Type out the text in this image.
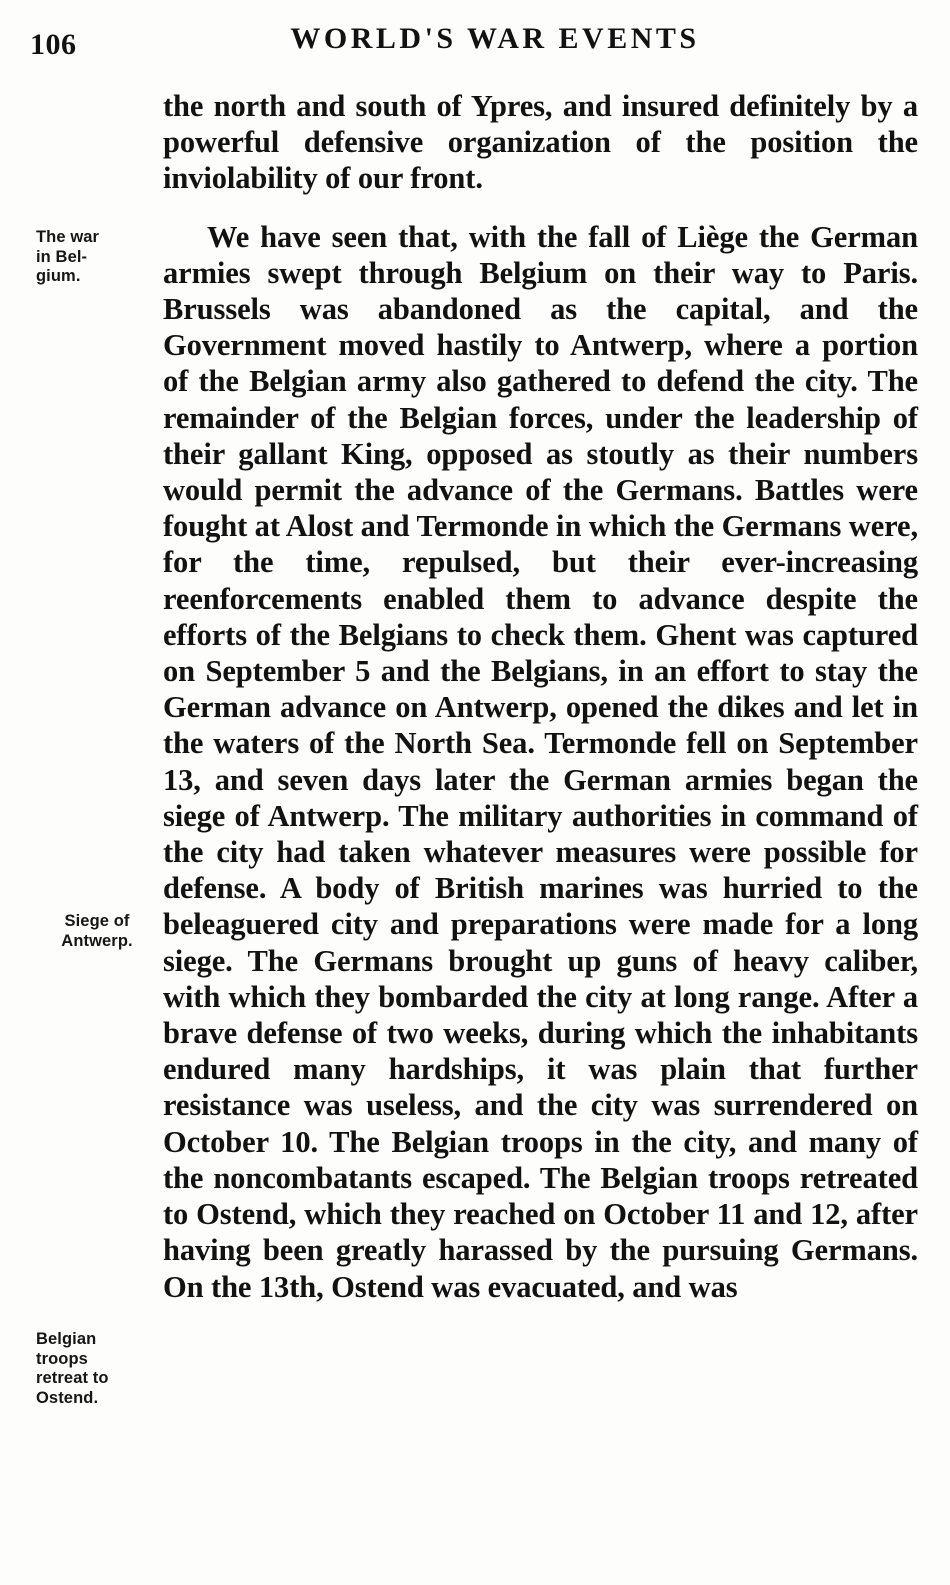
106	WORLD'S WAR EVENTS
The war
in Bel-
gium.
Siege of
Antwerp.
Belgian
troops
retreat to
Ostend.

the north and south of Ypres, and insured definitely by a powerful defensive organization of the position the inviolability of our front.

We have seen that, with the fall of Liège the German armies swept through Belgium on their way to Paris. Brussels was abandoned as the capital, and the Government moved hastily to Antwerp, where a portion of the Belgian army also gathered to defend the city. The remainder of the Belgian forces, under the leadership of their gallant King, opposed as stoutly as their numbers would permit the advance of the Germans. Battles were fought at Alost and Termonde in which the Germans were, for the time, repulsed, but their ever-increasing reenforcements enabled them to advance despite the efforts of the Belgians to check them. Ghent was captured on September 5 and the Belgians, in an effort to stay the German advance on Antwerp, opened the dikes and let in the waters of the North Sea. Termonde fell on September 13, and seven days later the German armies began the siege of Antwerp. The military authorities in command of the city had taken whatever measures were possible for defense. A body of British marines was hurried to the beleaguered city and preparations were made for a long siege. The Germans brought up guns of heavy caliber, with which they bombarded the city at long range. After a brave defense of two weeks, during which the inhabitants endured many hardships, it was plain that further resistance was useless, and the city was surrendered on October 10. The Belgian troops in the city, and many of the noncombatants escaped. The Belgian troops retreated to Ostend, which they reached on October 11 and 12, after having been greatly harassed by the pursuing Germans. On the 13th, Ostend was evacuated, and was
